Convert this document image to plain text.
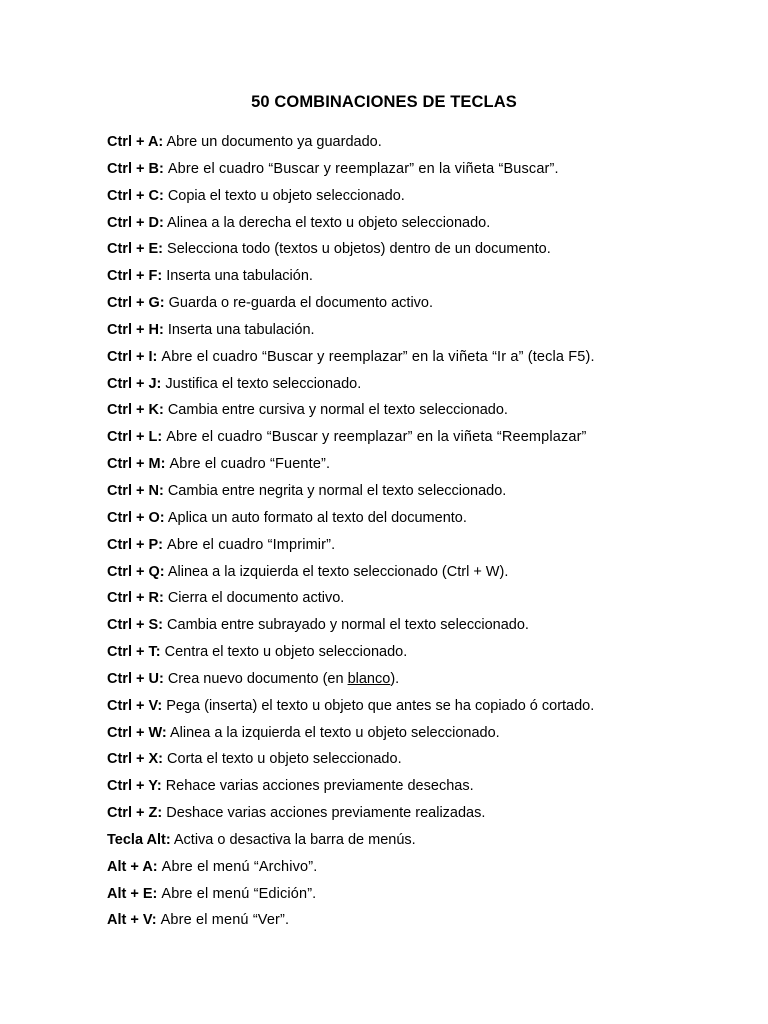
50 COMBINACIONES DE TECLAS
Ctrl + A: Abre un documento ya guardado.
Ctrl + B: Abre el cuadro “Buscar y reemplazar” en la viñeta “Buscar”.
Ctrl + C: Copia el texto u objeto seleccionado.
Ctrl + D: Alinea a la derecha el texto u objeto seleccionado.
Ctrl + E: Selecciona todo (textos u objetos) dentro de un documento.
Ctrl + F: Inserta una tabulación.
Ctrl + G: Guarda o re-guarda el documento activo.
Ctrl + H: Inserta una tabulación.
Ctrl + I: Abre el cuadro “Buscar y reemplazar” en la viñeta “Ir a” (tecla F5).
Ctrl + J: Justifica el texto seleccionado.
Ctrl + K: Cambia entre cursiva y normal el texto seleccionado.
Ctrl + L: Abre el cuadro “Buscar y reemplazar” en la viñeta “Reemplazar”
Ctrl + M: Abre el cuadro “Fuente”.
Ctrl + N: Cambia entre negrita y normal el texto seleccionado.
Ctrl + O: Aplica un auto formato al texto del documento.
Ctrl + P: Abre el cuadro “Imprimir”.
Ctrl + Q: Alinea a la izquierda el texto seleccionado (Ctrl + W).
Ctrl + R: Cierra el documento activo.
Ctrl + S: Cambia entre subrayado y normal el texto seleccionado.
Ctrl + T: Centra el texto u objeto seleccionado.
Ctrl + U: Crea nuevo documento (en blanco).
Ctrl + V: Pega (inserta) el texto u objeto que antes se ha copiado ó cortado.
Ctrl + W: Alinea a la izquierda el texto u objeto seleccionado.
Ctrl + X: Corta el texto u objeto seleccionado.
Ctrl + Y: Rehace varias acciones previamente desechas.
Ctrl + Z: Deshace varias acciones previamente realizadas.
Tecla Alt: Activa o desactiva la barra de menús.
Alt + A: Abre el menú “Archivo”.
Alt + E: Abre el menú “Edición”.
Alt + V: Abre el menú “Ver”.
